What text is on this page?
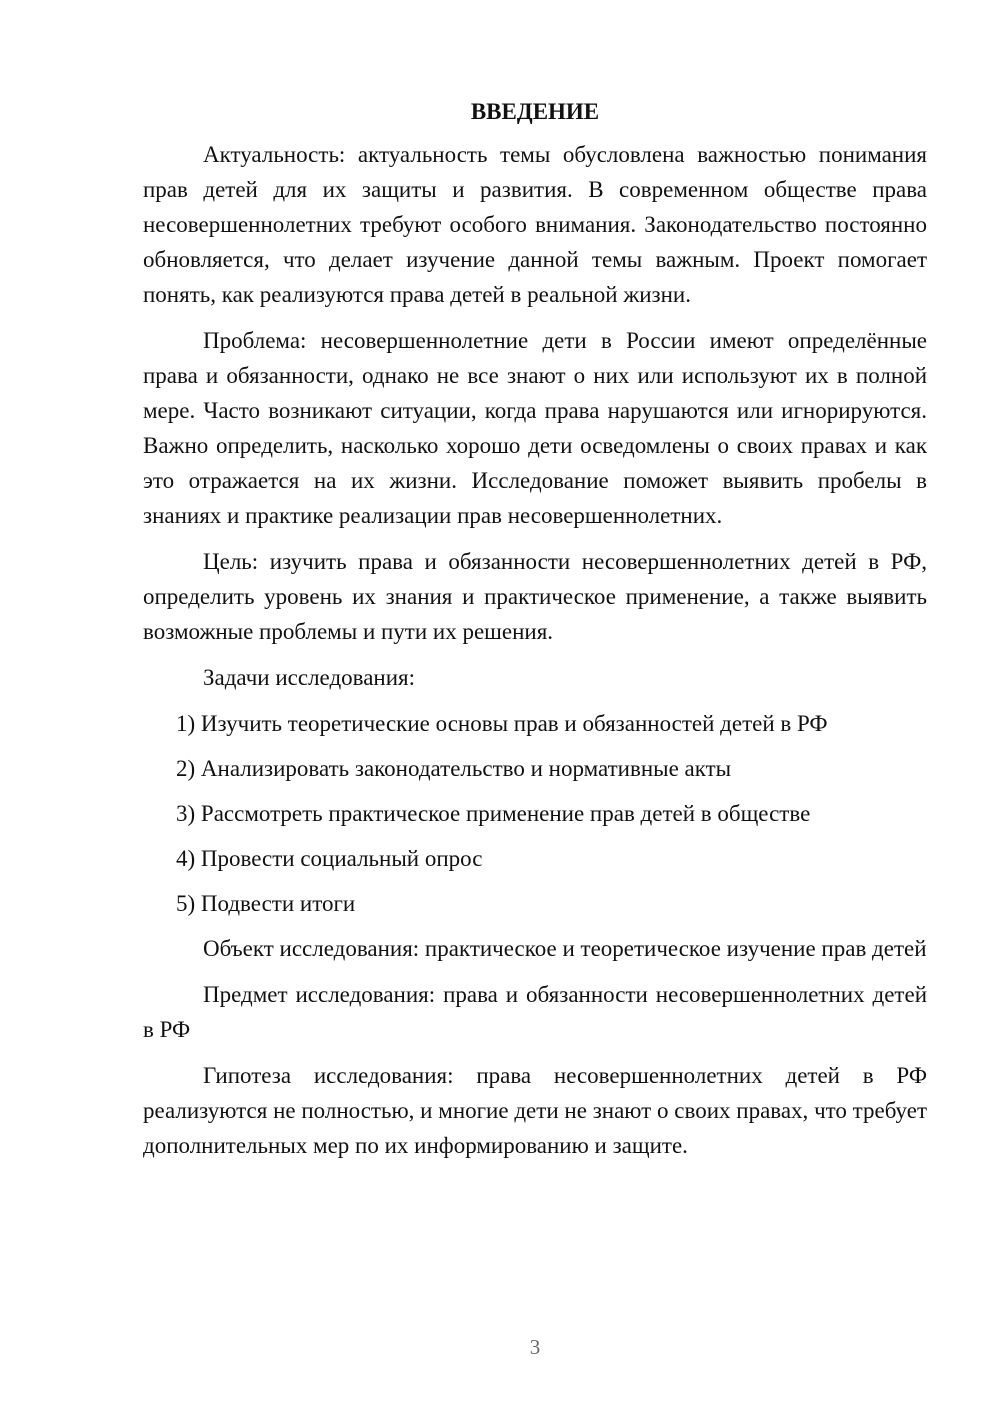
ВВЕДЕНИЕ

Актуальность: актуальность темы обусловлена важностью понимания прав детей для их защиты и развития. В современном обществе права несовершеннолетних требуют особого внимания. Законодательство постоянно обновляется, что делает изучение данной темы важным. Проект помогает понять, как реализуются права детей в реальной жизни.

Проблема: несовершеннолетние дети в России имеют определённые права и обязанности, однако не все знают о них или используют их в полной мере. Часто возникают ситуации, когда права нарушаются или игнорируются. Важно определить, насколько хорошо дети осведомлены о своих правах и как это отражается на их жизни. Исследование поможет выявить пробелы в знаниях и практике реализации прав несовершеннолетних.

Цель: изучить права и обязанности несовершеннолетних детей в РФ, определить уровень их знания и практическое применение, а также выявить возможные проблемы и пути их решения.

Задачи исследования:

1) Изучить теоретические основы прав и обязанностей детей в РФ
2) Анализировать законодательство и нормативные акты
3) Рассмотреть практическое применение прав детей в обществе
4) Провести социальный опрос
5) Подвести итоги

Объект исследования: практическое и теоретическое изучение прав детей

Предмет исследования: права и обязанности несовершеннолетних детей в РФ

Гипотеза исследования: права несовершеннолетних детей в РФ реализуются не полностью, и многие дети не знают о своих правах, что требует дополнительных мер по их информированию и защите.

3
